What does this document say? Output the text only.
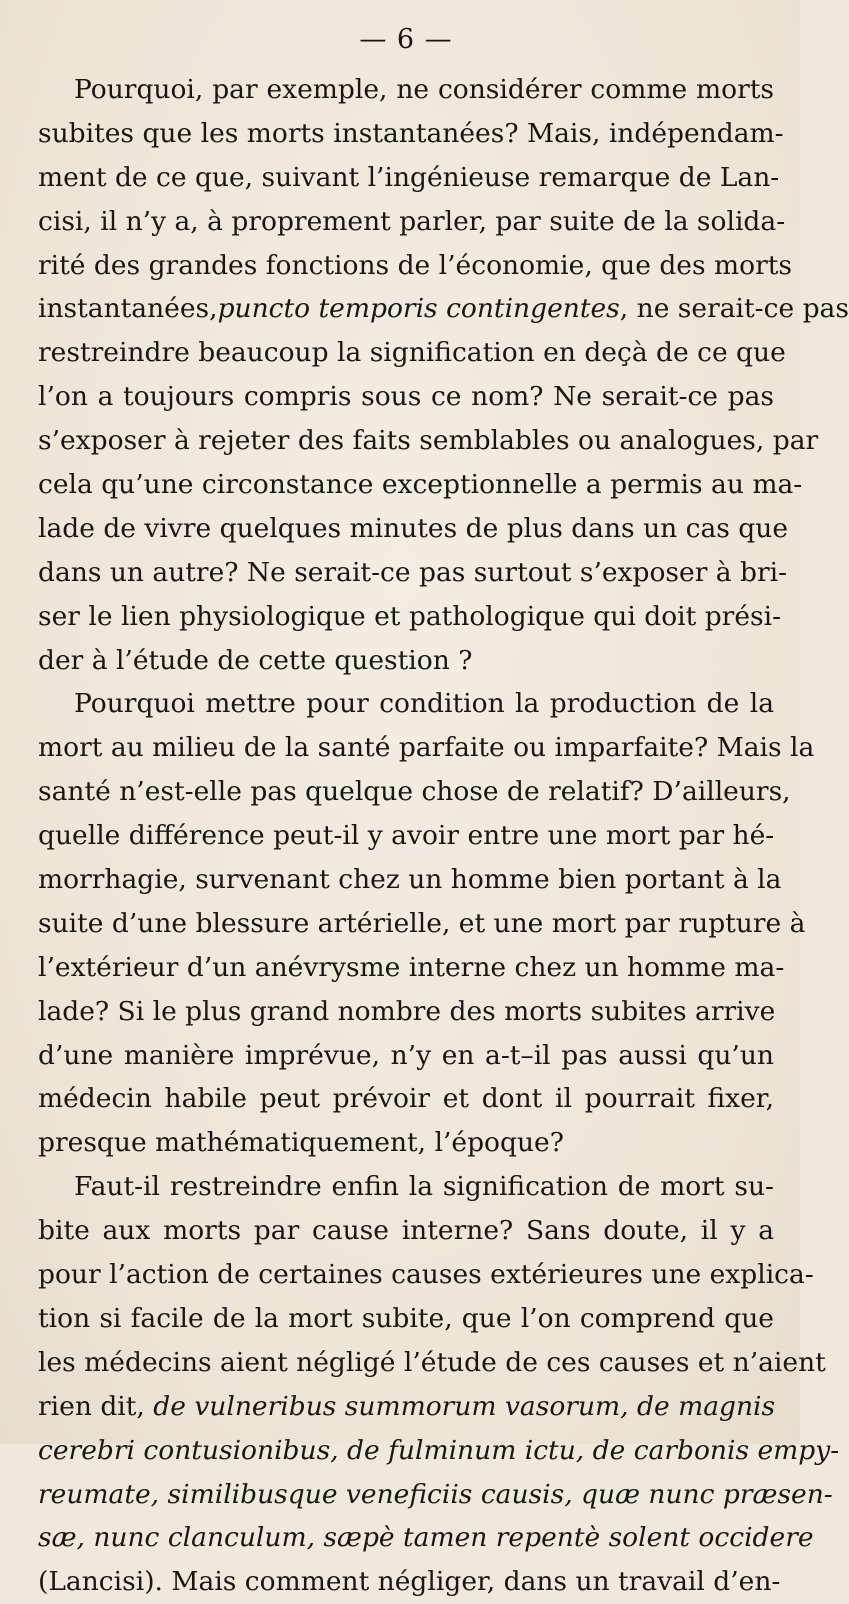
— 6 —
Pourquoi, par exemple, ne considérer comme morts
subites que les morts instantanées? Mais, indépendam-
ment de ce que, suivant l’ingénieuse remarque de Lan-
cisi, il n’y a, à proprement parler, par suite de la solida-
rité des grandes fonctions de l’économie, que des morts
instantanées,puncto temporis contingentes, ne serait-ce pas
restreindre beaucoup la signification en deçà de ce que
l’on a toujours compris sous ce nom? Ne serait-ce pas
s’exposer à rejeter des faits semblables ou analogues, par
cela qu’une circonstance exceptionnelle a permis au ma-
lade de vivre quelques minutes de plus dans un cas que
dans un autre? Ne serait-ce pas surtout s’exposer à bri-
ser le lien physiologique et pathologique qui doit prési-
der à l’étude de cette question ?
Pourquoi mettre pour condition la production de la
mort au milieu de la santé parfaite ou imparfaite? Mais la
santé n’est-elle pas quelque chose de relatif? D’ailleurs,
quelle différence peut-il y avoir entre une mort par hé-
morrhagie, survenant chez un homme bien portant à la
suite d’une blessure artérielle, et une mort par rupture à
l’extérieur d’un anévrysme interne chez un homme ma-
lade? Si le plus grand nombre des morts subites arrive
d’une manière imprévue, n’y en a-t–il pas aussi qu’un
médecin habile peut prévoir et dont il pourrait fixer,
presque mathématiquement, l’époque?
Faut-il restreindre enfin la signification de mort su-
bite aux morts par cause interne? Sans doute, il y a
pour l’action de certaines causes extérieures une explica-
tion si facile de la mort subite, que l’on comprend que
les médecins aient négligé l’étude de ces causes et n’aient
rien dit, de vulneribus summorum vasorum, de magnis
cerebri contusionibus, de fulminum ictu, de carbonis empy-
reumate, similibusque veneficiis causis, quæ nunc præsen-
sæ, nunc clanculum, sæpè tamen repentè solent occidere
(Lancisi). Mais comment négliger, dans un travail d’en-
